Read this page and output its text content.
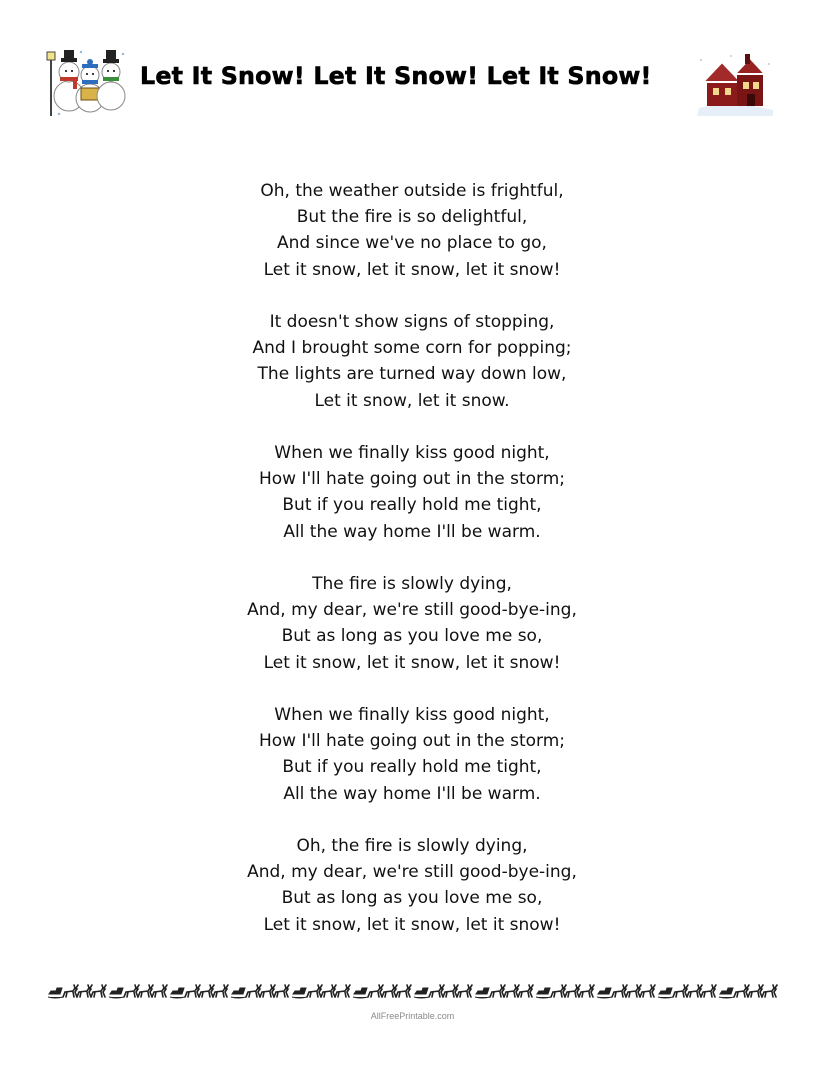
Let It Snow! Let It Snow! Let It Snow!
Oh, the weather outside is frightful,
But the fire is so delightful,
And since we've no place to go,
Let it snow, let it snow, let it snow!
It doesn't show signs of stopping,
And I brought some corn for popping;
The lights are turned way down low,
Let it snow, let it snow.
When we finally kiss good night,
How I'll hate going out in the storm;
But if you really hold me tight,
All the way home I'll be warm.
The fire is slowly dying,
And, my dear, we're still good-bye-ing,
But as long as you love me so,
Let it snow, let it snow, let it snow!
When we finally kiss good night,
How I'll hate going out in the storm;
But if you really hold me tight,
All the way home I'll be warm.
Oh, the fire is slowly dying,
And, my dear, we're still good-bye-ing,
But as long as you love me so,
Let it snow, let it snow, let it snow!
AllFreePrintable.com
